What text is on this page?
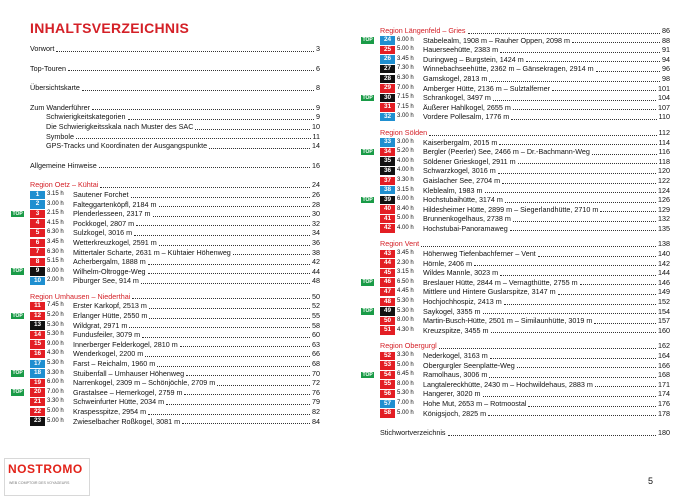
INHALTSVERZEICHNIS
Vorwort	3
Top-Touren	6
Übersichtskarte	8
Zum Wanderführer	9
Schwierigkeitskategorien	9
Die Schwierigkeitsskala nach Muster des SAC	10
Symbole	11
GPS-Tracks und Koordinaten der Ausgangspunkte	14
Allgemeine Hinweise	16
Region Oetz – Kühtai	24
1	3.15 h	Sautener Forchet	26
2	3.00 h	Falteggartenköpfl, 2184 m	28
TOP	3	2.15 h	Plenderlesseen, 2317 m	30
4	4.15 h	Pockkogel, 2807 m	32
5	6.30 h	Sulzkogel, 3016 m	34
6	3.45 h	Wetterkreuzkogel, 2591 m	36
7	6.30 h	Mittertaler Scharte, 2631 m – Kühtaier Höhenweg	38
8	5.15 h	Acherbergalm, 1888 m	42
TOP	9	8.00 h	Wilhelm-Oltrogge-Weg	44
10 2.00 h	Piburger See, 914 m	48
Region Umhausen – Niederthai	50
11	7.45 h	Erster Karkopf, 2513 m	52
TOP	12 5.20 h	Erlanger Hütte, 2550 m	55
13 5.30 h	Wildgrat, 2971 m	58
14 5.30 h	Fundusfeiler, 3079 m	60
15 9.00 h	Innerberger Felderkogel, 2810 m	63
16 4.30 h	Wenderkogel, 2200 m	66
17 5.30 h	Farst – Reichalm, 1960 m	68
TOP	18 3.30 h	Stuibenfall – Umhauser Höhenweg	70
19 6.00 h	Narrenkogel, 2309 m – Schönjöchle, 2709 m	72
TOP	20 7.00 h	Grastalsee – Hemerkogel, 2759 m	76
21 3.30 h	Schweinfurter Hütte, 2034 m	79
22 5.00 h	Kraspesspitze, 2954 m	82
23 5.00 h	Zwieselbacher Roßkogel, 3081 m	84
Region Längenfeld – Gries	86
TOP	24 6.00 h	Stabelealm, 1908 m – Rauher Oppen, 2098 m	88
25 5.00 h	Hauerseehütte, 2383 m	91
26 3.45 h	Duringweg – Burgstein, 1424 m	94
27 7.30 h	Winnebachseehütte, 2362 m – Gänsekragen, 2914 m	96
28 6.30 h	Gamskogel, 2813 m	98
29 7.00 h	Amberger Hütte, 2136 m – Sulztalferner	101
TOP	30 7.15 h	Schrankogel, 3497 m	104
31 7.15 h	Äußerer Hahlkogel, 2655 m	107
32 3.00 h	Vordere Pollesalm, 1776 m	110
Region Sölden	112
33 3.00 h	Kaiserbergalm, 2015 m	114
TOP	34 5.20 h	Bergler (Peerler) See, 2466 m – Dr.-Bachmann-Weg	116
35 4.00 h	Söldener Grieskogel, 2911 m	118
36 4.00 h	Schwarzkogel, 3016 m	120
37 3.30 h	Gaislacher See, 2704 m	122
38 3.15 h	Kleblealm, 1983 m	124
TOP	39 6.00 h	Hochstubaihütte, 3174 m	126
40 8.40 h	Hildesheimer Hütte, 2899 m – Siegerlandhütte, 2710 m	129
41 5.00 h	Brunnenkogelhaus, 2738 m	132
42 4.00 h	Hochstubai-Panoramaweg	135
Region Vent	138
43 3.45 h	Höhenweg Tiefenbachferner – Vent	140
44 2.30 h	Hörnle, 2406 m	142
45 3.15 h	Wildes Mannle, 3023 m	144
TOP	46 6.50 h	Breslauer Hütte, 2844 m – Vernagthütte, 2755 m	146
47 4.45 h	Mittlere und Hintere Guslarspitze, 3147 m	149
48 5.30 h	Hochjochhospiz, 2413 m	152
TOP	49 5.30 h	Saykogel, 3355 m	154
50 8.00 h	Martin-Busch-Hütte, 2501 m – Similaunhütte, 3019 m	157
51 4.30 h	Kreuzspitze, 3455 m	160
Region Obergurgl	162
52 3.30 h	Nederkogel, 3163 m	164
53 5.00 h	Obergurgler Seenplatte-Weg	166
TOP	54 6.45 h	Ramolhaus, 3006 m	168
55 8.00 h	Langtalereckhütte, 2430 m – Hochwildehaus, 2883 m	171
56 5.30 h	Hangerer, 3020 m	174
57 7.00 h	Hohe Mut, 2653 m – Rotmoostal	176
58 5.00 h	Königsjoch, 2825 m	178
Stichwortverzeichnis	180
NOSTROMO
WEB COMPTOIR DES VOYAGEURS	5
